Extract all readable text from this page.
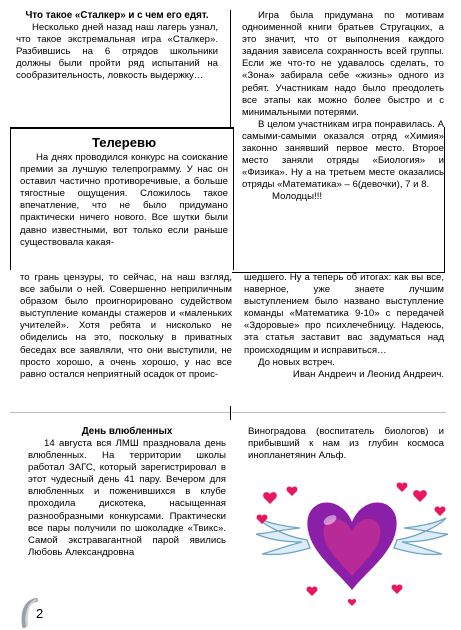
Что такое «Сталкер» и с чем его едят.

Несколько дней назад наш лагерь узнал, что такое экстремальная игра «Сталкер». Разбившись на 6 отрядов школьники должны были пройти ряд испытаний на сообразительность, ловкость выдержку…

Игра была придумана по мотивам одноименной книги братьев Стругацких, а это значит, что от выполнения каждого задания зависела сохранность всей группы. Если же что-то не удавалось сделать, то «Зона» забирала себе «жизнь» одного из ребят. Участникам надо было преодолеть все этапы как можно более быстро и с минимальными потерями.

В целом участникам игра понравилась. А самыми-самыми оказался отряд «Химия» законно занявший первое место. Второе место заняли отряды «Биология» и «Физика». Ну а на третьем месте оказались отряды «Математика» – 6(девочки), 7 и 8.

Молодцы!!!

Телеревю

На днях проводился конкурс на соискание премии за лучшую телепрограмму. У нас он оставил частично противоречивые, а больше тягостные ощущения. Сложилось такое впечатление, что не было придумано практически ничего нового. Все шутки были давно известными, вот только если раньше существовала какая-

то грань цензуры, то сейчас, на наш взгляд, все забыли о ней. Совершенно неприличным образом было проигнорировано судейством выступление команды стажеров и «маленьких учителей». Хотя ребята и нисколько не обиделись на это, поскольку в приватных беседах все заявляли, что они выступили, не просто хорошо, а очень хорошо, у нас все равно остался неприятный осадок от проис-

шедшего. Ну а теперь об итогах: как вы все, наверное, уже знаете лучшим выступлением было названо выступление команды «Математика 9-10» с передачей «Здоровые» про психлечебницу. Надеюсь, эта статья заставит вас задуматься над происходящим и исправиться…

До новых встреч.

Иван Андреич и Леонид Андреич.

День влюбленных

14 августа вся ЛМШ праздновала день влюбленных. На территории школы работал ЗАГС, который зарегистрировал в этот чудесный день 41 пару. Вечером для влюбленных и поженившихся в клубе проходила дискотека, насыщенная разнообразными конкурсами. Практически все пары получили по шоколадке «Твикс». Самой экстравагантной парой явились Любовь Александровна

Виноградова (воспитатель биологов) и прибывший к нам из глубин космоса инопланетянин Альф.

2
